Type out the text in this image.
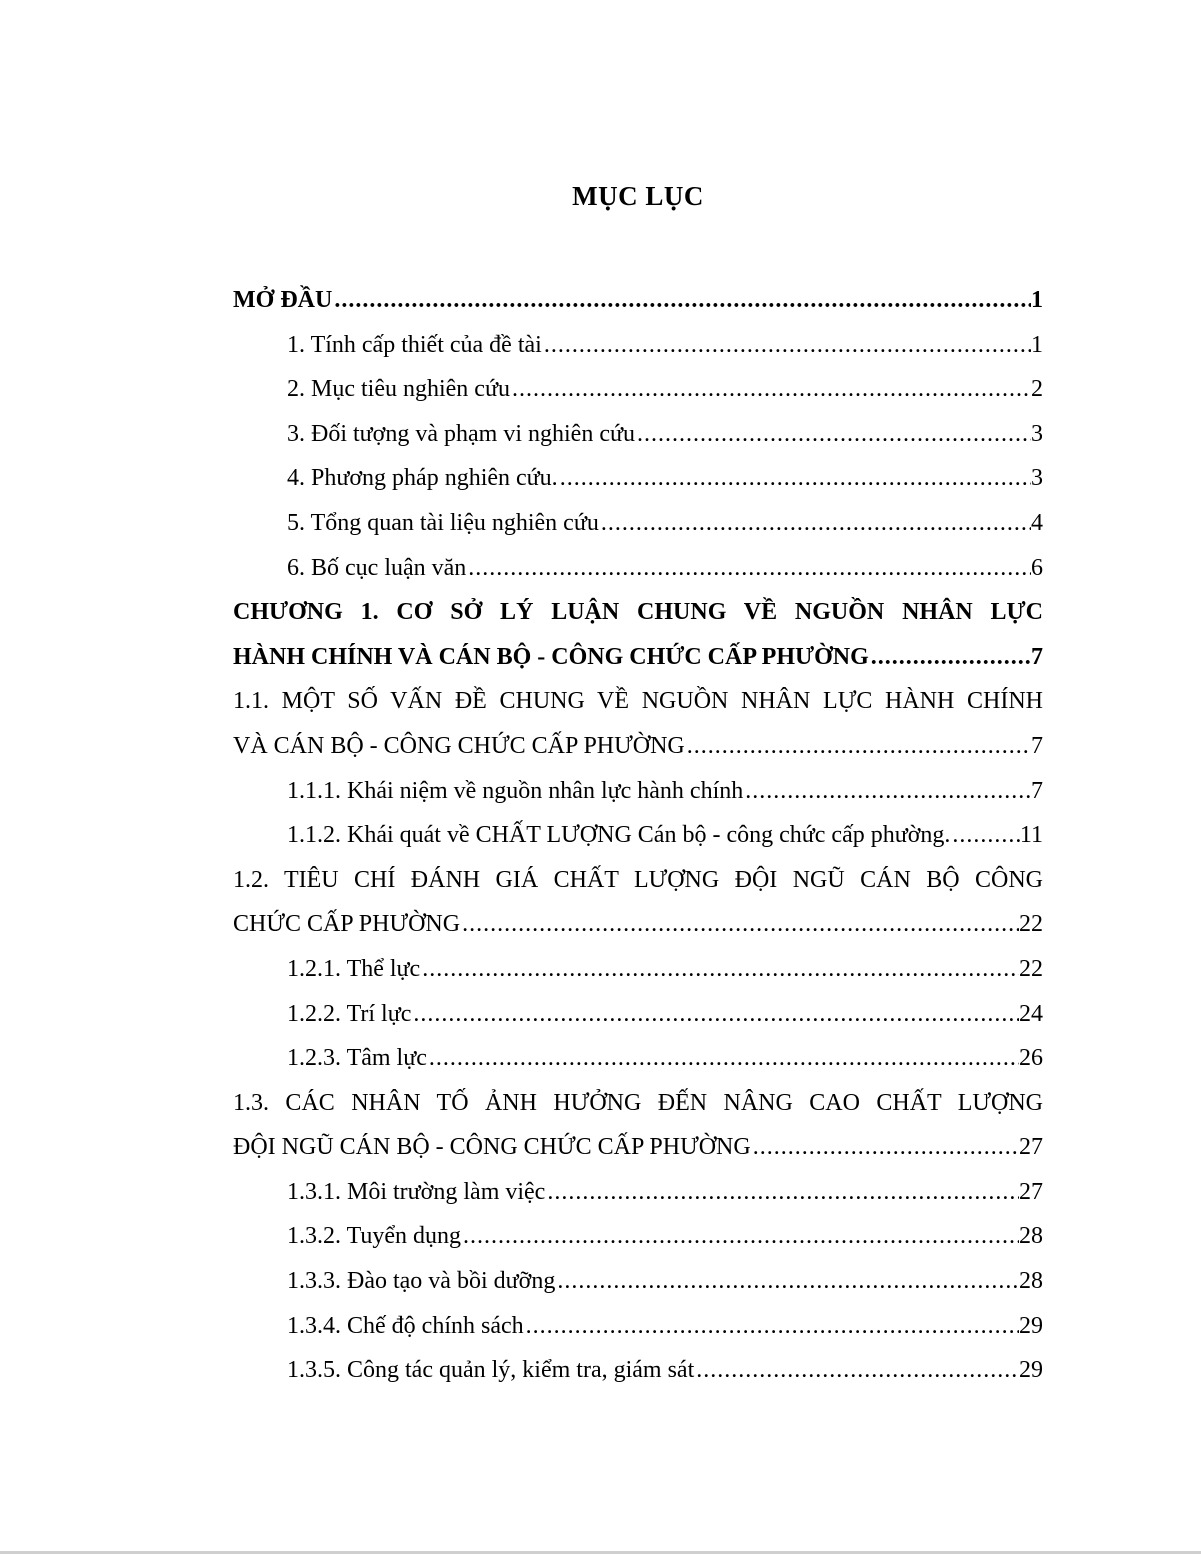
MỤC LỤC
MỞ ĐẦU .....	1
1. Tính cấp thiết của đề tài .....	1
2. Mục tiêu nghiên cứu .....	2
3. Đối tượng và phạm vi nghiên cứu .....	3
4. Phương pháp nghiên cứu. .....	3
5. Tổng quan tài liệu nghiên cứu .....	4
6. Bố cục luận văn .....	6
CHƯƠNG 1. CƠ SỞ LÝ LUẬN CHUNG VỀ NGUỒN NHÂN LỰC
HÀNH CHÍNH VÀ CÁN BỘ - CÔNG CHỨC CẤP PHƯỜNG .....	7
1.1. MỘT SỐ VẤN ĐỀ CHUNG VỀ NGUỒN NHÂN LỰC HÀNH CHÍNH
VÀ CÁN BỘ - CÔNG CHỨC CẤP PHƯỜNG .....	7
1.1.1. Khái niệm về nguồn nhân lực hành chính .....	7
1.1.2. Khái quát về CHẤT LƯỢNG Cán bộ - công chức cấp phường. .....	11
1.2. TIÊU CHÍ ĐÁNH GIÁ CHẤT LƯỢNG ĐỘI NGŨ CÁN BỘ CÔNG
CHỨC CẤP PHƯỜNG .....	22
1.2.1. Thể lực .....	22
1.2.2. Trí lực .....	24
1.2.3. Tâm lực .....	26
1.3. CÁC NHÂN TỐ ẢNH HƯỞNG ĐẾN NÂNG CAO CHẤT LƯỢNG
ĐỘI NGŨ CÁN BỘ - CÔNG CHỨC CẤP PHƯỜNG .....	27
1.3.1. Môi trường làm việc .....	27
1.3.2. Tuyển dụng .....	28
1.3.3. Đào tạo và bồi dưỡng .....	28
1.3.4. Chế độ chính sách .....	29
1.3.5. Công tác quản lý, kiểm tra, giám sát .....	29
